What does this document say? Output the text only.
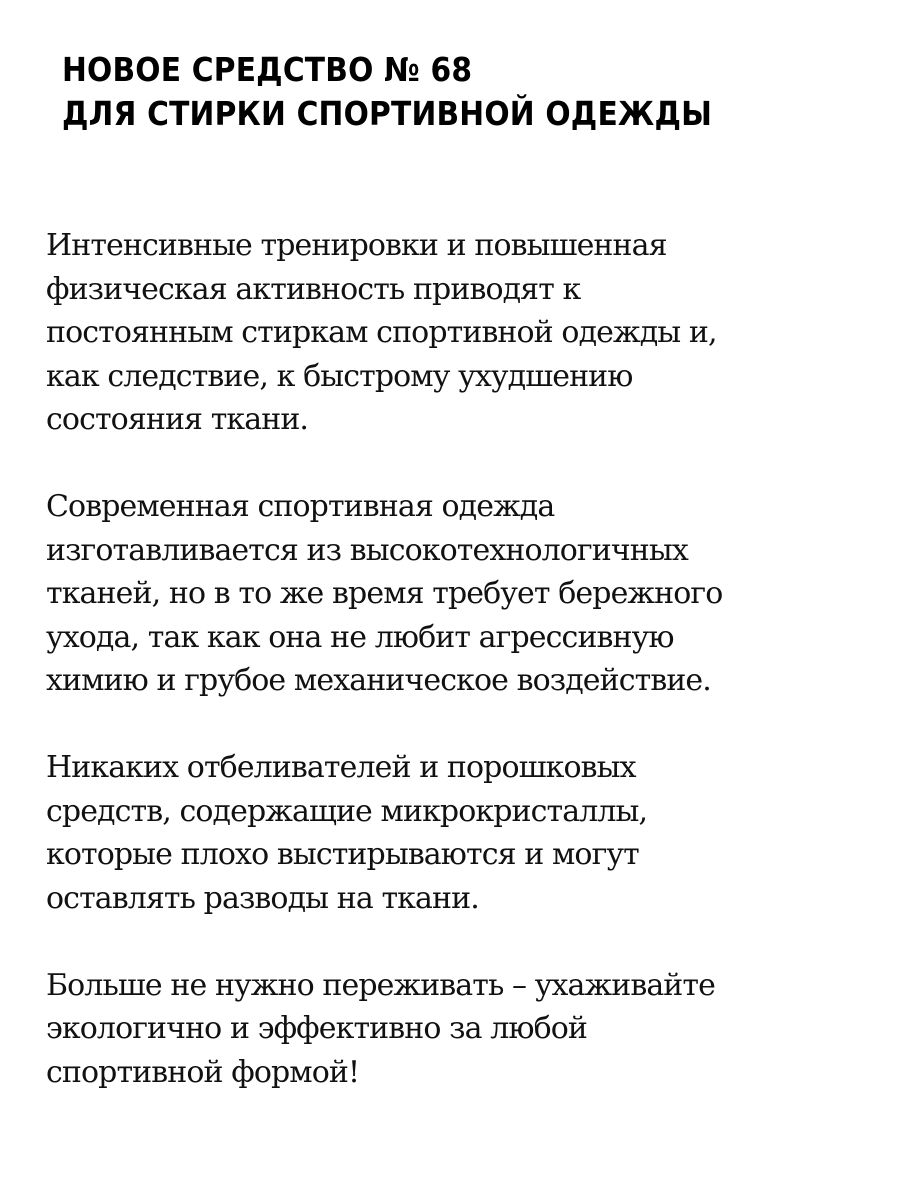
НОВОЕ СРЕДСТВО № 68
ДЛЯ СТИРКИ СПОРТИВНОЙ ОДЕЖДЫ

Интенсивные тренировки и повышенная
физическая активность приводят к
постоянным стиркам спортивной одежды и,
как следствие, к быстрому ухудшению
состояния ткани.

Современная спортивная одежда
изготавливается из высокотехнологичных
тканей, но в то же время требует бережного
ухода, так как она не любит агрессивную
химию и грубое механическое воздействие.

Никаких отбеливателей и порошковых
средств, содержащие микрокристаллы,
которые плохо выстирываются и могут
оставлять разводы на ткани.

Больше не нужно переживать – ухаживайте
экологично и эффективно за любой
спортивной формой!
